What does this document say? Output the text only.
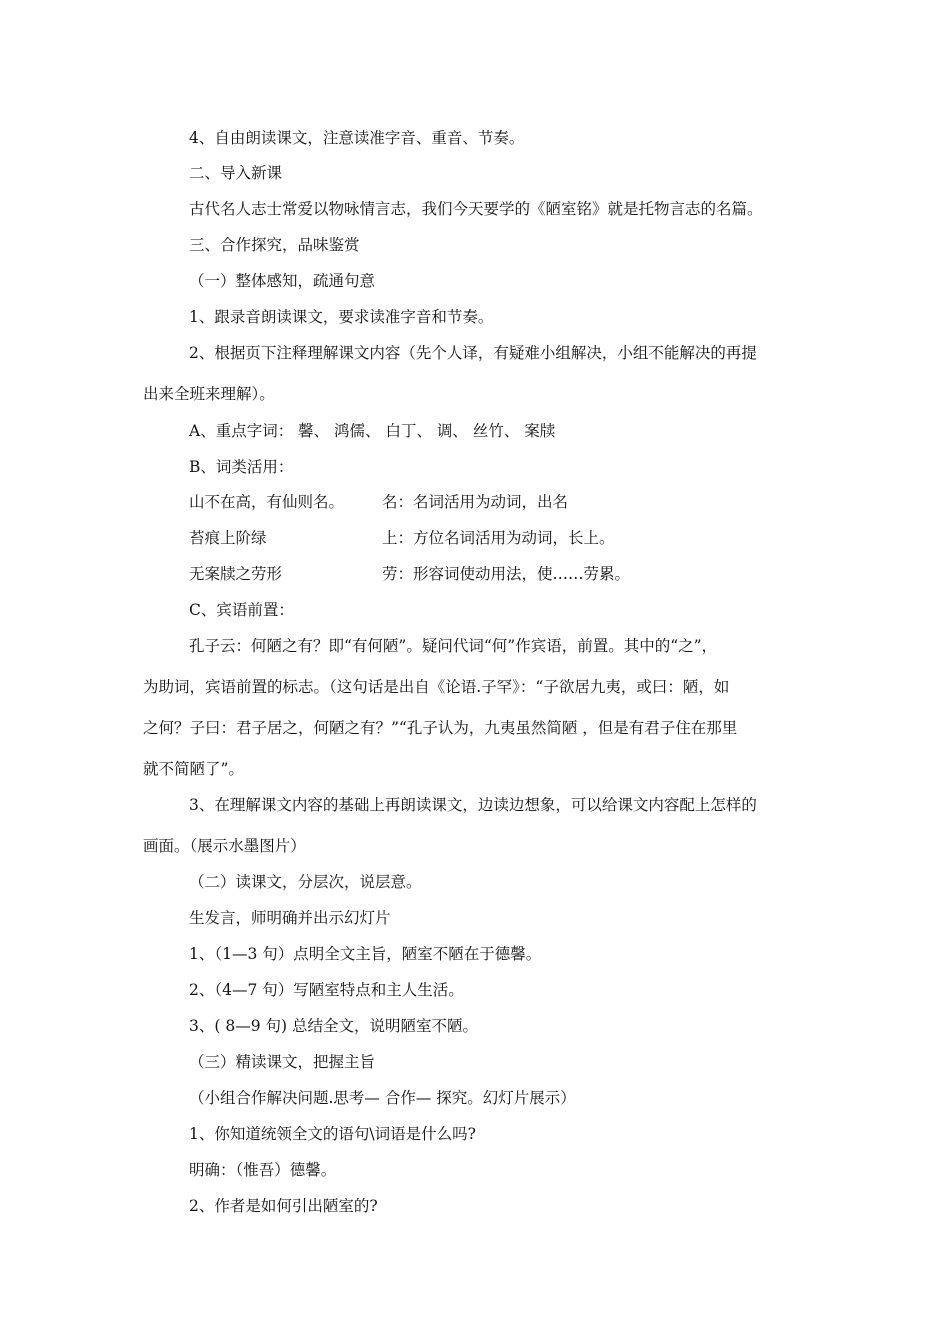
4、自由朗读课文，注意读准字音、重音、节奏。
二、导入新课
古代名人志士常爱以物咏情言志，我们今天要学的《陋室铭》就是托物言志的名篇。
三、合作探究，品味鉴赏
（一）整体感知，疏通句意
1、跟录音朗读课文，要求读准字音和节奏。
2、根据页下注释理解课文内容（先个人译，有疑难小组解决，小组不能解决的再提
出来全班来理解）。
A、重点字词： 馨、 鸿儒、 白丁、 调、 丝竹、 案牍
B、词类活用：
山不在高，有仙则名。 名：名词活用为动词，出名
苔痕上阶绿	上：方位名词活用为动词，长上。
无案牍之劳形	劳：形容词使动用法，使……劳累。
C、宾语前置：
孔子云：何陋之有？即“有何陋”。疑问代词“何”作宾语，前置。其中的“之”，
为助词，宾语前置的标志。（这句话是出自《论语.子罕》：“子欲居九夷，或曰：陋，如
之何？子曰：君子居之，何陋之有？”“孔子认为，九夷虽然简陋 ，但是有君子住在那里
就不简陋了”。
3、在理解课文内容的基础上再朗读课文，边读边想象，可以给课文内容配上怎样的
画面。（展示水墨图片）
（二）读课文，分层次，说层意。
生发言，师明确并出示幻灯片
1、（1—3 句）点明全文主旨，陋室不陋在于德馨。
2、（4—7 句）写陋室特点和主人生活。
3、( 8—9 句) 总结全文，说明陋室不陋。
（三）精读课文，把握主旨
（小组合作解决问题.思考— 合作— 探究。幻灯片展示）
1、你知道统领全文的语句\词语是什么吗?
明确：（惟吾）德馨。
2、作者是如何引出陋室的?
